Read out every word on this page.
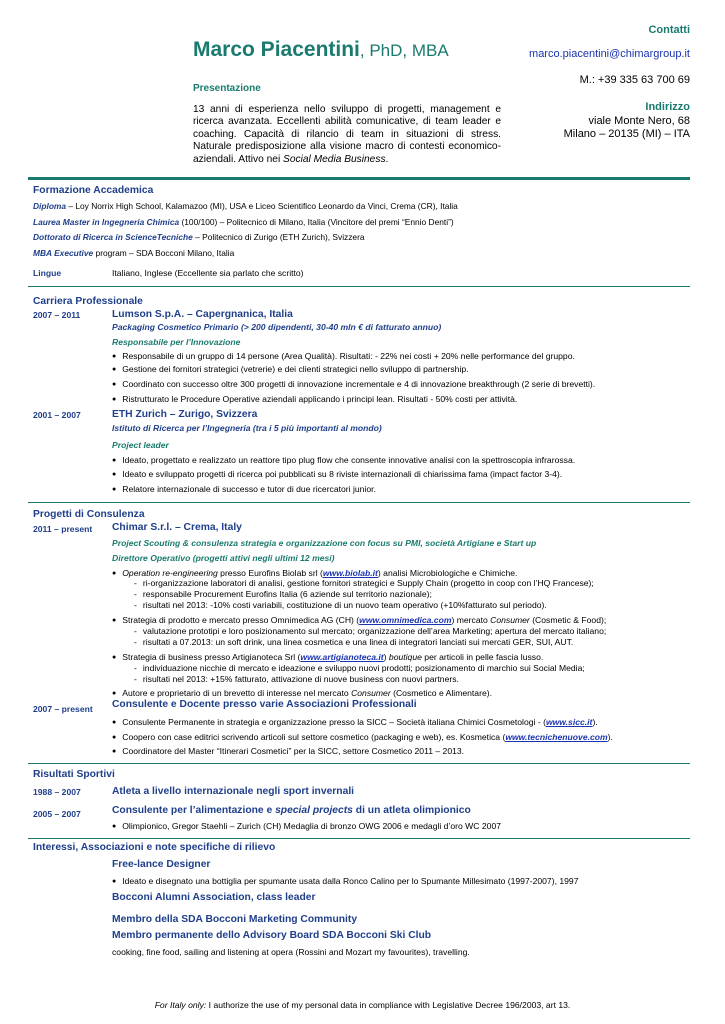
Marco Piacentini, PhD, MBA
Presentazione
13 anni di esperienza nello sviluppo di progetti, management e ricerca avanzata. Eccellenti abilità comunicative, di team leader e coaching. Capacità di rilancio di team in situazioni di stress. Naturale predisposizione alla visione macro di contesti economico-aziendali. Attivo nei Social Media Business.
Contatti
marco.piacentini@chimargroup.it
M.: +39 335 63 700 69
Indirizzo
viale Monte Nero, 68
Milano – 20135 (MI) – ITA
Formazione Accademica
Diploma – Loy Norrix High School, Kalamazoo (MI), USA e Liceo Scientifico Leonardo da Vinci, Crema (CR), Italia
Laurea Master in Ingegneria Chimica (100/100) – Politecnico di Milano, Italia (Vincitore del premi “Ennio Denti”)
Dottorato di Ricerca in ScienceTecniche – Politecnico di Zurigo (ETH Zurich), Svizzera
MBA Executive program – SDA Bocconi Milano, Italia
Lingue	Italiano, Inglese (Eccellente sia parlato che scritto)
Carriera Professionale
2007 – 2011	Lumson S.p.A. – Capergnanica, Italia
Packaging Cosmetico Primario (> 200 dipendenti, 30-40 mln € di fatturato annuo)
Responsabile per l’Innovazione
● Responsabile di un gruppo di 14 persone (Area Qualità). Risultati: - 22% nei costi + 20% nelle performance del gruppo.
● Gestione dei fornitori strategici (vetrerie) e dei clienti strategici nello sviluppo di partnership.
● Coordinato con successo oltre 300 progetti di innovazione incrementale e 4 di innovazione breakthrough (2 serie di brevetti).
● Ristrutturato le Procedure Operative aziendali applicando i principi lean. Risultati - 50% costi per attività.
2001 – 2007	ETH Zurich – Zurigo, Svizzera
Istituto di Ricerca per l’Ingegneria (tra i 5 più importanti al mondo)
Project leader
● Ideato, progettato e realizzato un reattore tipo plug flow che consente innovative analisi con la spettroscopia infrarossa.
● Ideato e sviluppato progetti di ricerca poi pubblicati su 8 riviste internazionali di chiarissima fama (impact factor 3-4).
● Relatore internazionale di successo e tutor di due ricercatori junior.
Progetti di Consulenza
2011 – present Chimar S.r.l. – Crema, Italy
Project Scouting & consulenza strategia e organizzazione con focus su PMI, società Artigiane e Start up
Direttore Operativo (progetti attivi negli ultimi 12 mesi)
● Operation re-engineering presso Eurofins Biolab srl (www.biolab.it) analisi Microbiologiche e Chimiche.
- ri-organizzazione laboratori di analisi, gestione fornitori strategici e Supply Chain (progetto in coop con l’HQ Francese);
- responsabile Procurement Eurofins Italia (6 aziende sul territorio nazionale);
- risultati nel 2013: -10% costi variabili, costituzione di un nuovo team operativo (+10%fatturato sul periodo).
● Strategia di prodotto e mercato presso Omnimedica AG (CH) (www.omnimedica.com) mercato Consumer (Cosmetic & Food);
- valutazione prototipi e loro posizionamento sul mercato; organizzazione dell’area Marketing; apertura del mercato italiano;
- risultati a 07.2013: un soft drink, una linea cosmetica e una linea di integratori lanciati sui mercati GER, SUI, AUT.
● Strategia di business presso Artigianoteca Srl (www.artigianoteca.it) boutique per articoli in pelle fascia lusso.
- individuazione nicchie di mercato e ideazione e sviluppo nuovi prodotti; posizionamento di marchio sui Social Media;
- risultati nel 2013: +15% fatturato, attivazione di nuove business con nuovi partners.
● Autore e proprietario di un brevetto di interesse nel mercato Consumer (Cosmetico e Alimentare).
2007 – present Consulente e Docente presso varie Associazioni Professionali
● Consulente Permanente in strategia e organizzazione presso la SICC – Società italiana Chimici Cosmetologi - (www.sicc.it).
● Coopero con case editrici scrivendo articoli sul settore cosmetico (packaging e web), es. Kosmetica (www.tecnichenuove.com).
● Coordinatore del Master “Itinerari Cosmetici” per la SICC, settore Cosmetico 2011 – 2013.
Risultati Sportivi
1988 – 2007	Atleta a livello internazionale negli sport invernali
2005 – 2007	Consulente per l’alimentazione e special projects di un atleta olimpionico
● Olimpionico, Gregor Staehli – Zurich (CH) Medaglia di bronzo OWG 2006 e medagli d’oro WC 2007
Interessi, Associazioni e note specifiche di rilievo
Free-lance Designer
● Ideato e disegnato una bottiglia per spumante usata dalla Ronco Calino per lo Spumante Millesimato (1997-2007), 1997
Bocconi Alumni Association, class leader
Membro della SDA Bocconi Marketing Community
Membro permanente dello Advisory Board SDA Bocconi Ski Club
cooking, fine food, sailing and listening at opera (Rossini and Mozart my favourites), travelling.
For Italy only: I authorize the use of my personal data in compliance with Legislative Decree 196/2003, art 13.
